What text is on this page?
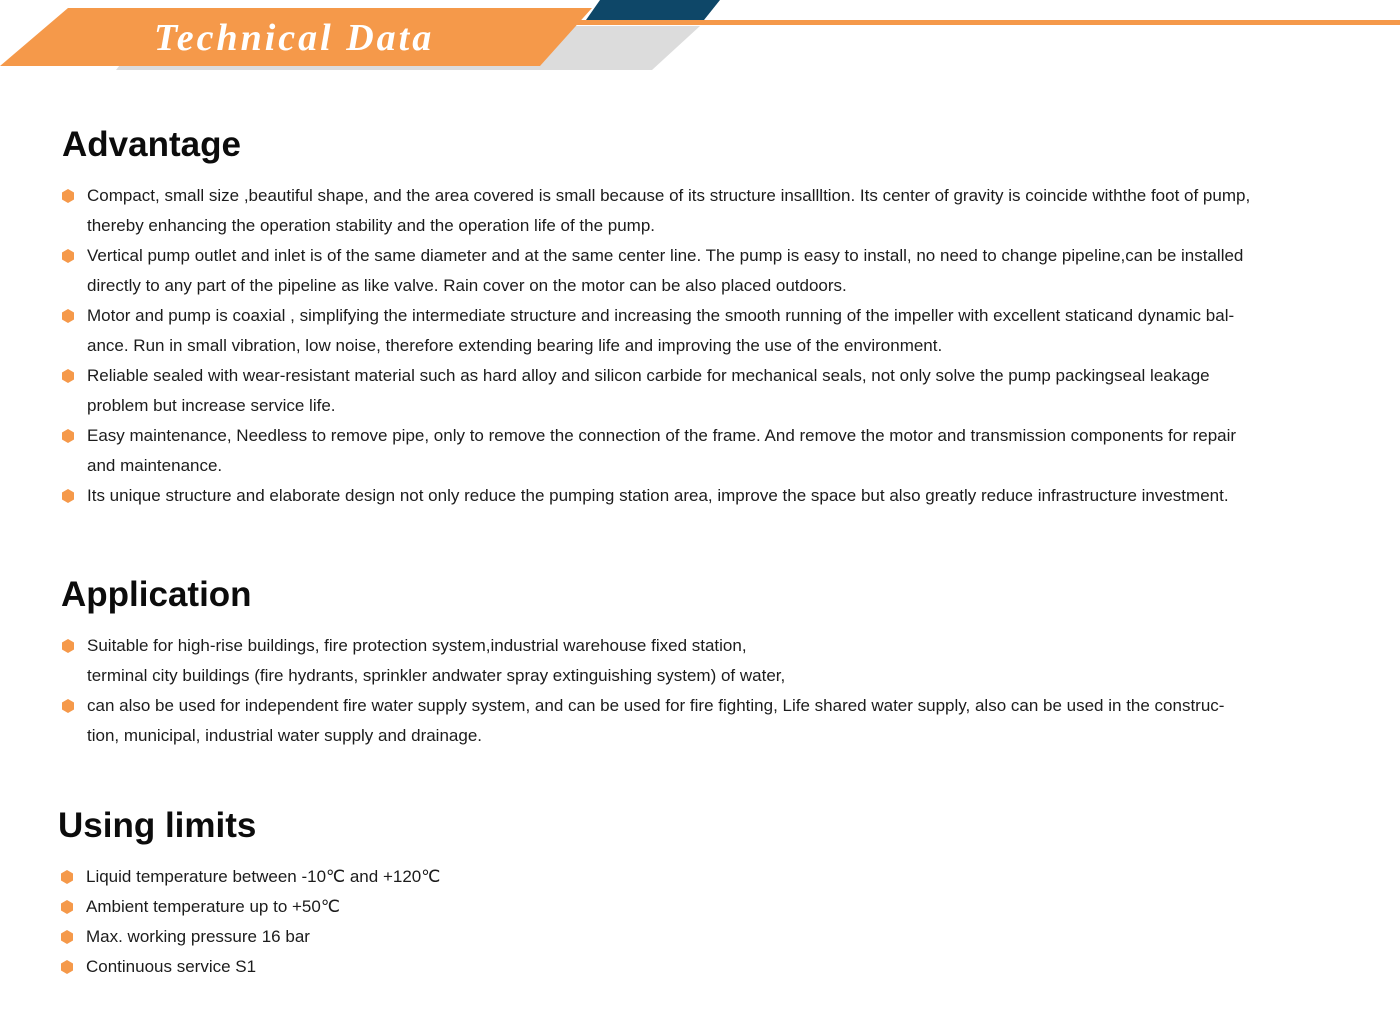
Technical Data
Advantage
Compact, small size ,beautiful shape, and the area covered is small because of its structure insallltion. Its center of gravity is coincide withthe foot of pump,
thereby enhancing the operation stability and the operation life of the pump.
Vertical pump outlet and inlet is of the same diameter and at the same center line. The pump is easy to install, no need to change pipeline,can be installed
directly to any part of the pipeline as like valve. Rain cover on the motor can be also placed outdoors.
Motor and pump is coaxial , simplifying the intermediate structure and increasing the smooth running of the impeller with excellent staticand dynamic bal-
ance. Run in small vibration, low noise, therefore extending bearing life and improving the use of the environment.
Reliable sealed with wear-resistant material such as hard alloy and silicon carbide for mechanical seals, not only solve the pump packingseal leakage
problem but increase service life.
Easy maintenance, Needless to remove pipe, only to remove the connection of the frame. And remove the motor and transmission components for repair
and maintenance.
Its unique structure and elaborate design not only reduce the pumping station area, improve the space but also greatly reduce infrastructure investment.
Application
Suitable for high-rise buildings, fire protection system,industrial warehouse fixed station,
terminal city buildings (fire hydrants, sprinkler andwater spray extinguishing system) of water,
can also be used for independent fire water supply system, and can be used for fire fighting, Life shared water supply, also can be used in the construc-
tion, municipal, industrial water supply and drainage.
Using limits
Liquid temperature between -10℃ and +120℃
Ambient temperature up to +50℃
Max. working pressure 16 bar
Continuous service S1
